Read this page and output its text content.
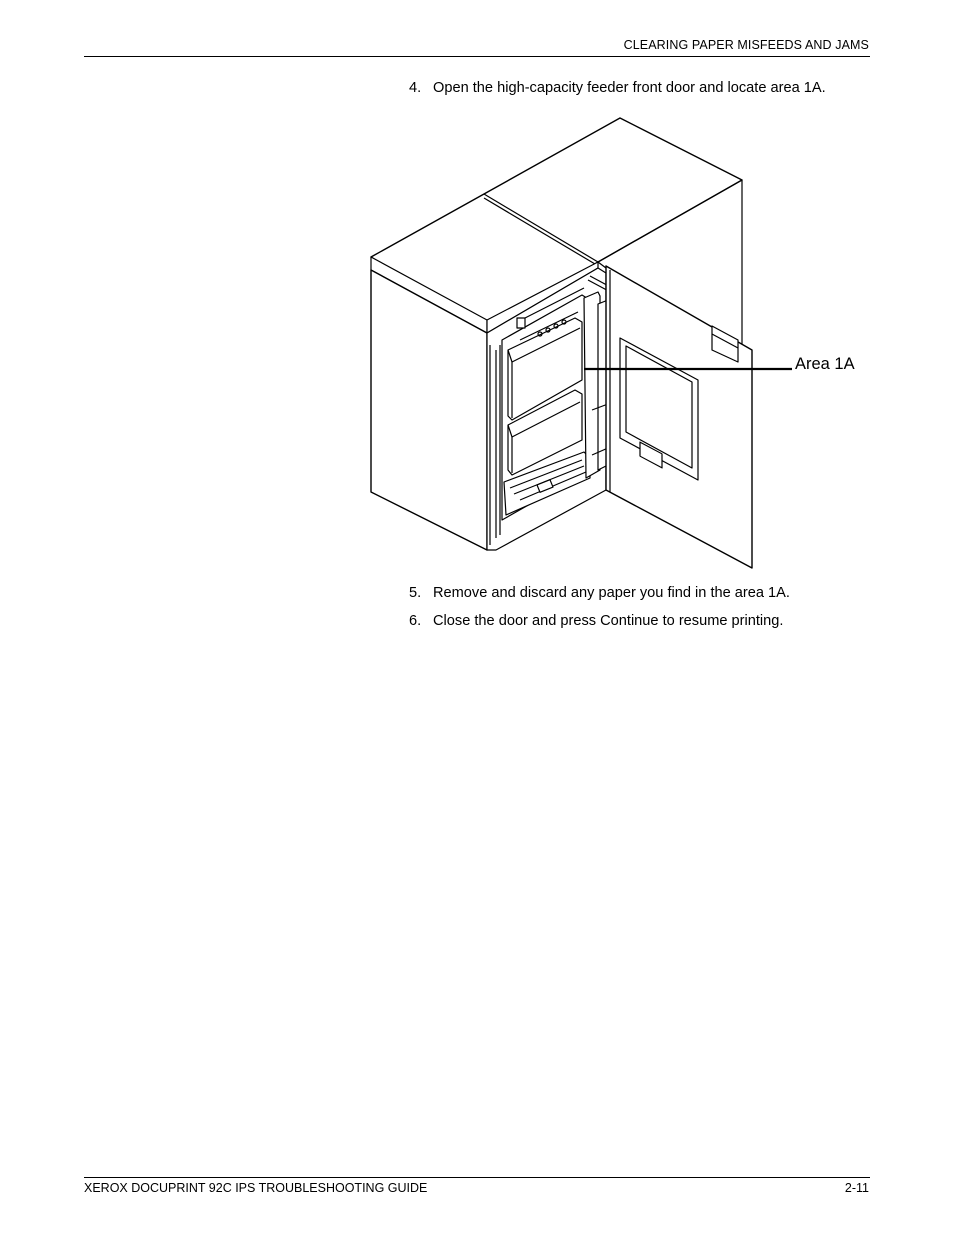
CLEARING PAPER MISFEEDS AND JAMS
4. Open the high-capacity feeder front door and locate area 1A.
Area 1A
5. Remove and discard any paper you find in the area 1A.
6. Close the door and press Continue to resume printing.
XEROX DOCUPRINT 92C IPS TROUBLESHOOTING GUIDE	2-11
